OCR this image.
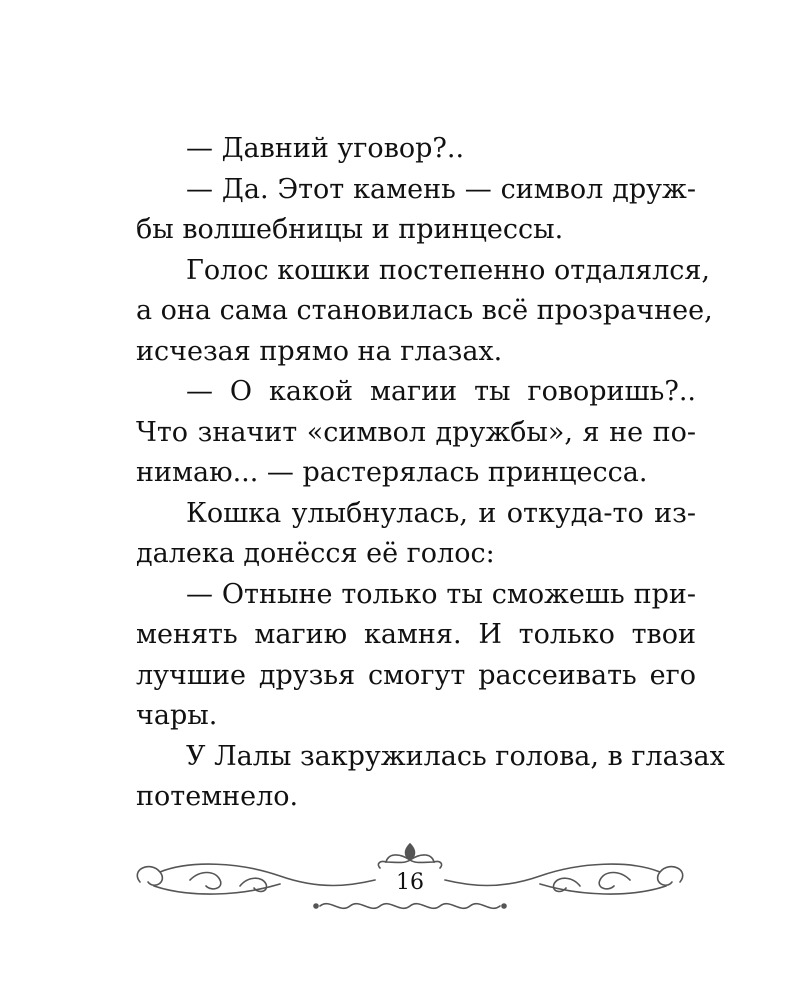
— Давний уговор?..
— Да. Этот камень — символ друж-
бы волшебницы и принцессы.
Голос кошки постепенно отдалялся,
а она сама становилась всё прозрачнее,
исчезая прямо на глазах.
— О какой магии ты говоришь?..
Что значит «символ дружбы», я не по-
нимаю... — растерялась принцесса.
Кошка улыбнулась, и откуда-то из-
далека донёсся её голос:
— Отныне только ты сможешь при-
менять магию камня. И только твои
лучшие друзья смогут рассеивать его
чары.
У Лалы закружилась голова, в глазах
потемнело.
16
